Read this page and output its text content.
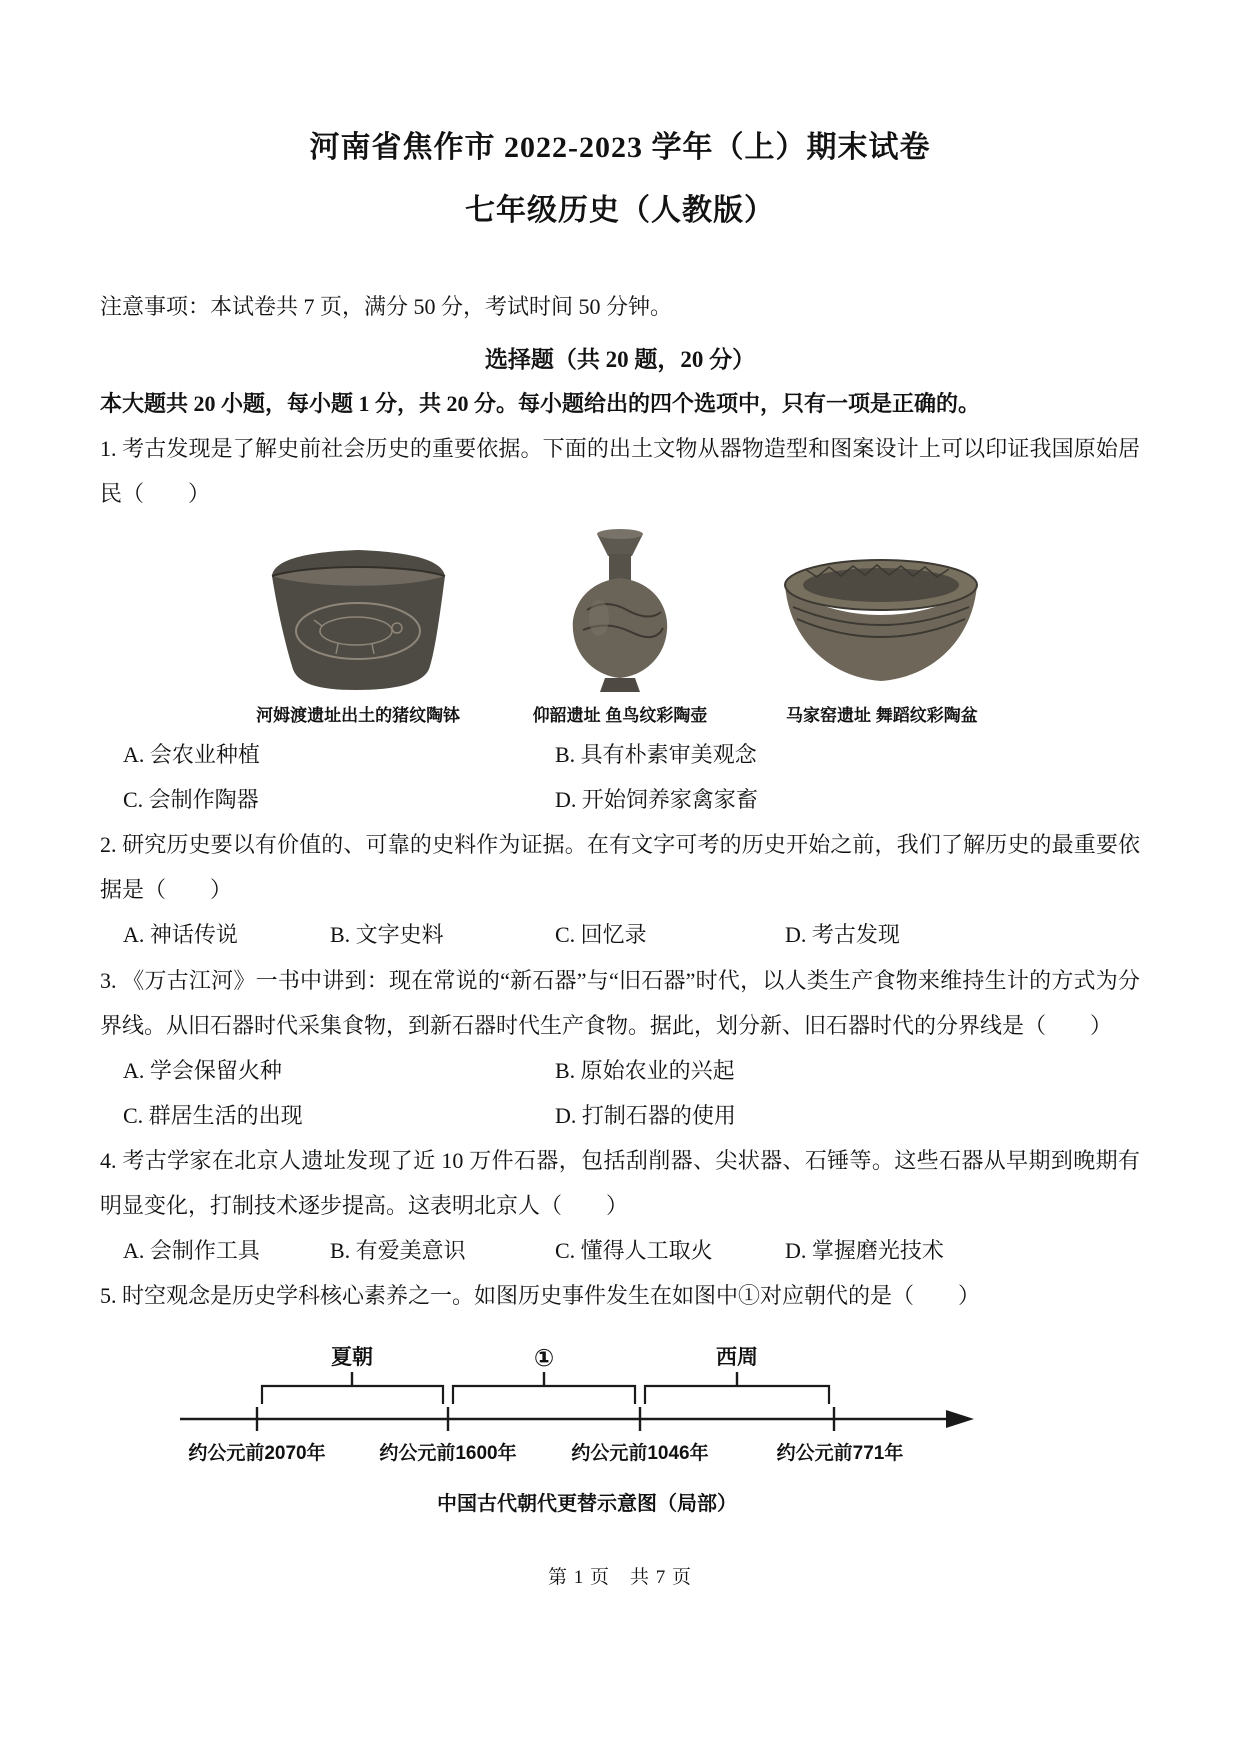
河南省焦作市 2022-2023 学年（上）期末试卷
七年级历史（人教版）
注意事项：本试卷共 7 页，满分 50 分，考试时间 50 分钟。
选择题（共 20 题，20 分）
本大题共 20 小题，每小题 1 分，共 20 分。每小题给出的四个选项中，只有一项是正确的。
1. 考古发现是了解史前社会历史的重要依据。下面的出土文物从器物造型和图案设计上可以印证我国原始居民（　　）
河姆渡遗址出土的猪纹陶钵	仰韶遗址 鱼鸟纹彩陶壶	马家窑遗址 舞蹈纹彩陶盆
A. 会农业种植	B. 具有朴素审美观念
C. 会制作陶器	D. 开始饲养家禽家畜
2. 研究历史要以有价值的、可靠的史料作为证据。在有文字可考的历史开始之前，我们了解历史的最重要依据是（　　）
A. 神话传说	B. 文字史料	C. 回忆录	D. 考古发现
3. 《万古江河》一书中讲到：现在常说的“新石器”与“旧石器”时代，以人类生产食物来维持生计的方式为分界线。从旧石器时代采集食物，到新石器时代生产食物。据此，划分新、旧石器时代的分界线是（　　）
A. 学会保留火种	B. 原始农业的兴起
C. 群居生活的出现	D. 打制石器的使用
4. 考古学家在北京人遗址发现了近 10 万件石器，包括刮削器、尖状器、石锤等。这些石器从早期到晚期有明显变化，打制技术逐步提高。这表明北京人（　　）
A. 会制作工具	B. 有爱美意识	C. 懂得人工取火	D. 掌握磨光技术
5. 时空观念是历史学科核心素养之一。如图历史事件发生在如图中①对应朝代的是（　　）
夏朝	①	西周
约公元前2070年	约公元前1600年	约公元前1046年	约公元前771年
中国古代朝代更替示意图（局部）
第 1 页　共 7 页
